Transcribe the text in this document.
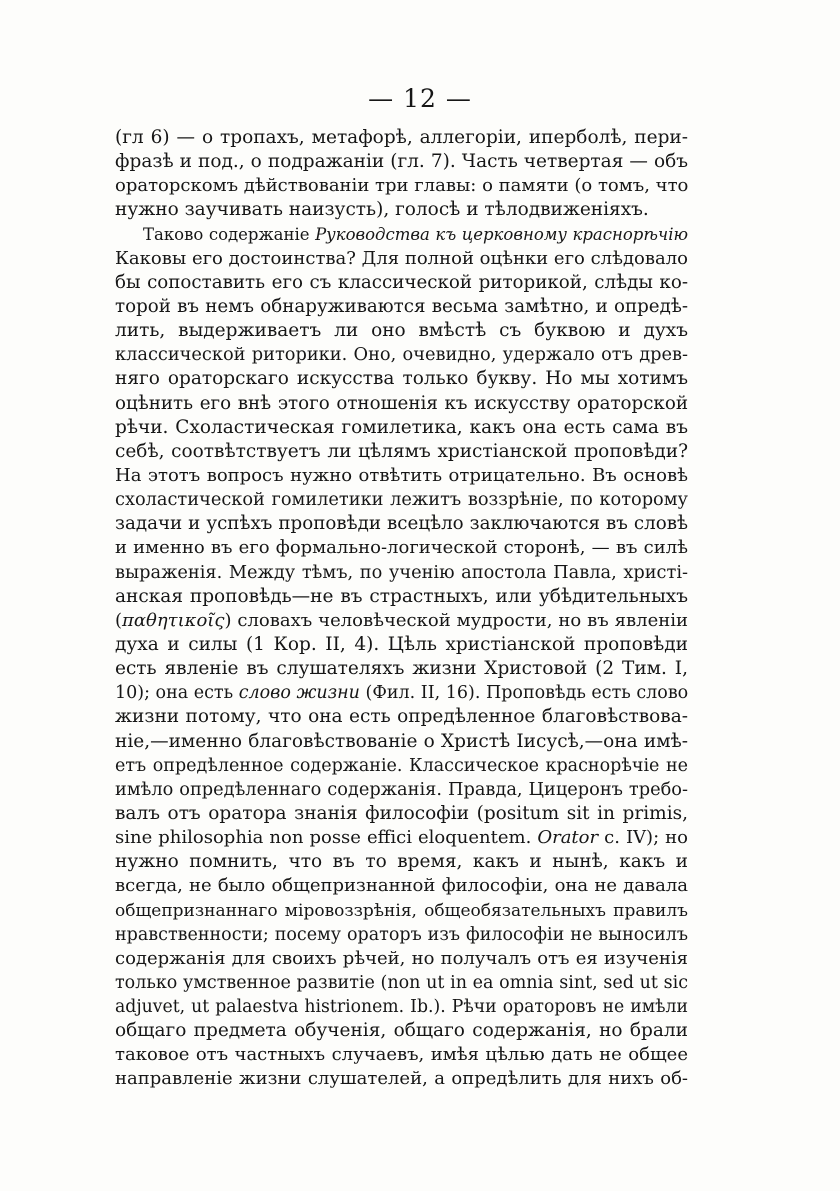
— 12 —
(гл 6) — о тропахъ, метафорѣ, аллегоріи, иперболѣ, пери-
фразѣ и под., о подражаніи (гл. 7). Часть четвертая — объ
ораторскомъ дѣйствованіи три главы: о памяти (о томъ, что
нужно заучивать наизусть), голосѣ и тѣлодвиженіяхъ.
Таково содержаніе Руководства къ церковному краснорѣчію
Каковы его достоинства? Для полной оцѣнки его слѣдовало
бы сопоставить его съ классической риторикой, слѣды ко-
торой въ немъ обнаруживаются весьма замѣтно, и опредѣ-
лить, выдерживаетъ ли оно вмѣстѣ съ буквою и духъ
классической риторики. Оно, очевидно, удержало отъ древ-
няго ораторскаго искусства только букву. Но мы хотимъ
оцѣнить его внѣ этого отношенія къ искусству ораторской
рѣчи. Схоластическая гомилетика, какъ она есть сама въ
себѣ, соотвѣтствуетъ ли цѣлямъ христіанской проповѣди?
На этотъ вопросъ нужно отвѣтить отрицательно. Въ основѣ
схоластической гомилетики лежитъ воззрѣніе, по которому
задачи и успѣхъ проповѣди всецѣло заключаются въ словѣ
и именно въ его формально-логической сторонѣ, — въ силѣ
выраженія. Между тѣмъ, по ученію апостола Павла, христі-
анская проповѣдь—не въ страстныхъ, или убѣдительныхъ
(παθητικοῖς) словахъ человѣческой мудрости, но въ явленіи
духа и силы (1 Кор. II, 4). Цѣль христіанской проповѣди
есть явленіе въ слушателяхъ жизни Христовой (2 Тим. I,
10); она есть слово жизни (Фил. II, 16). Проповѣдь есть слово
жизни потому, что она есть опредѣленное благовѣствова-
ніе,—именно благовѣствованіе о Христѣ Іисусѣ,—она имѣ-
етъ опредѣленное содержаніе. Классическое краснорѣчіе не
имѣло опредѣленнаго содержанія. Правда, Цицеронъ требо-
валъ отъ оратора знанія философіи (positum sit in primis,
sine philosophia non posse effici eloquentem. Orator c. IV); но
нужно помнить, что въ то время, какъ и нынѣ, какъ и
всегда, не было общепризнанной философіи, она не давала
общепризнаннаго міровоззрѣнія, общеобязательныхъ правилъ
нравственности; посему ораторъ изъ философіи не выносилъ
содержанія для своихъ рѣчей, но получалъ отъ ея изученія
только умственное развитіе (non ut in ea omnia sint, sed ut sic
adjuvet, ut palaestva histrionem. Ib.). Рѣчи ораторовъ не имѣли
общаго предмета обученія, общаго содержанія, но брали
таковое отъ частныхъ случаевъ, имѣя цѣлью дать не общее
направленіе жизни слушателей, а опредѣлить для нихъ об-
